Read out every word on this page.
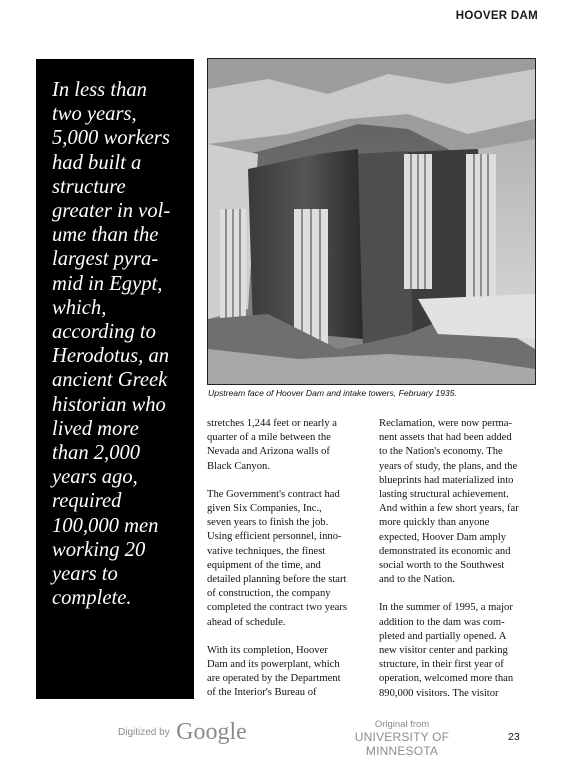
HOOVER DAM
In less than
two years,
5,000 workers
had built a
structure
greater in vol-
ume than the
largest pyra-
mid in Egypt,
which,
according to
Herodotus, an
ancient Greek
historian who
lived more
than 2,000
years ago,
required
100,000 men
working 20
years to
complete.
Upstream face of Hoover Dam and intake towers, February 1935.

stretches 1,244 feet or nearly a
quarter of a mile between the
Nevada and Arizona walls of
Black Canyon.

The Government's contract had
given Six Companies, Inc.,
seven years to finish the job.
Using efficient personnel, inno-
vative techniques, the finest
equipment of the time, and
detailed planning before the start
of construction, the company
completed the contract two years
ahead of schedule.

With its completion, Hoover
Dam and its powerplant, which
are operated by the Department
of the Interior's Bureau of

Reclamation, were now perma-
nent assets that had been added
to the Nation's economy. The
years of study, the plans, and the
blueprints had materialized into
lasting structural achievement.
And within a few short years, far
more quickly than anyone
expected, Hoover Dam amply
demonstrated its economic and
social worth to the Southwest
and to the Nation.

In the summer of 1995, a major
addition to the dam was com-
pleted and partially opened. A
new visitor center and parking
structure, in their first year of
operation, welcomed more than
890,000 visitors. The visitor

Digitized by Google	Original from
UNIVERSITY OF MINNESOTA
23
